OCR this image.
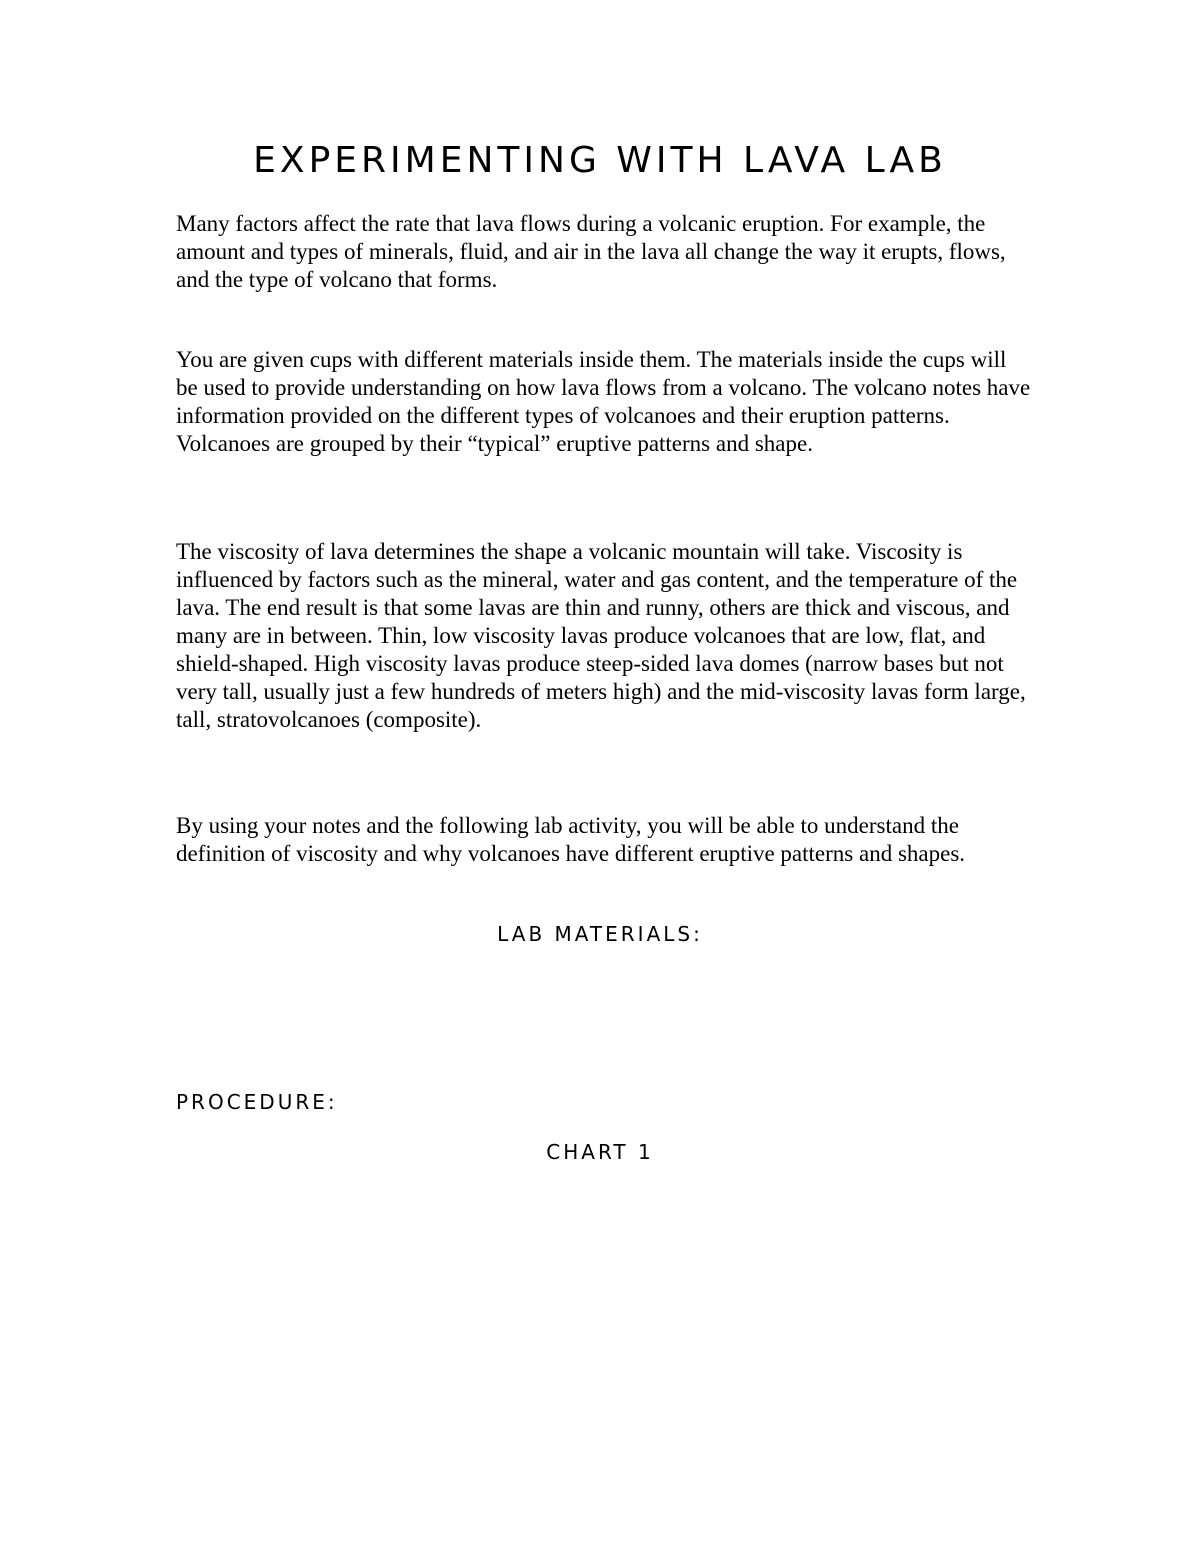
EXPERIMENTING WITH LAVA LAB

Many factors affect the rate that lava flows during a volcanic eruption. For example, the amount and types of minerals, fluid, and air in the lava all change the way it erupts, flows, and the type of volcano that forms.

You are given cups with different materials inside them. The materials inside the cups will be used to provide understanding on how lava flows from a volcano. The volcano notes have information provided on the different types of volcanoes and their eruption patterns. Volcanoes are grouped by their “typical” eruptive patterns and shape.

The viscosity of lava determines the shape a volcanic mountain will take. Viscosity is influenced by factors such as the mineral, water and gas content, and the temperature of the lava. The end result is that some lavas are thin and runny, others are thick and viscous, and many are in between. Thin, low viscosity lavas produce volcanoes that are low, flat, and shield-shaped. High viscosity lavas produce steep-sided lava domes (narrow bases but not very tall, usually just a few hundreds of meters high) and the mid-viscosity lavas form large, tall, stratovolcanoes (composite).

By using your notes and the following lab activity, you will be able to understand the definition of viscosity and why volcanoes have different eruptive patterns and shapes.

LAB MATERIALS:
PROCEDURE:
CHART 1
